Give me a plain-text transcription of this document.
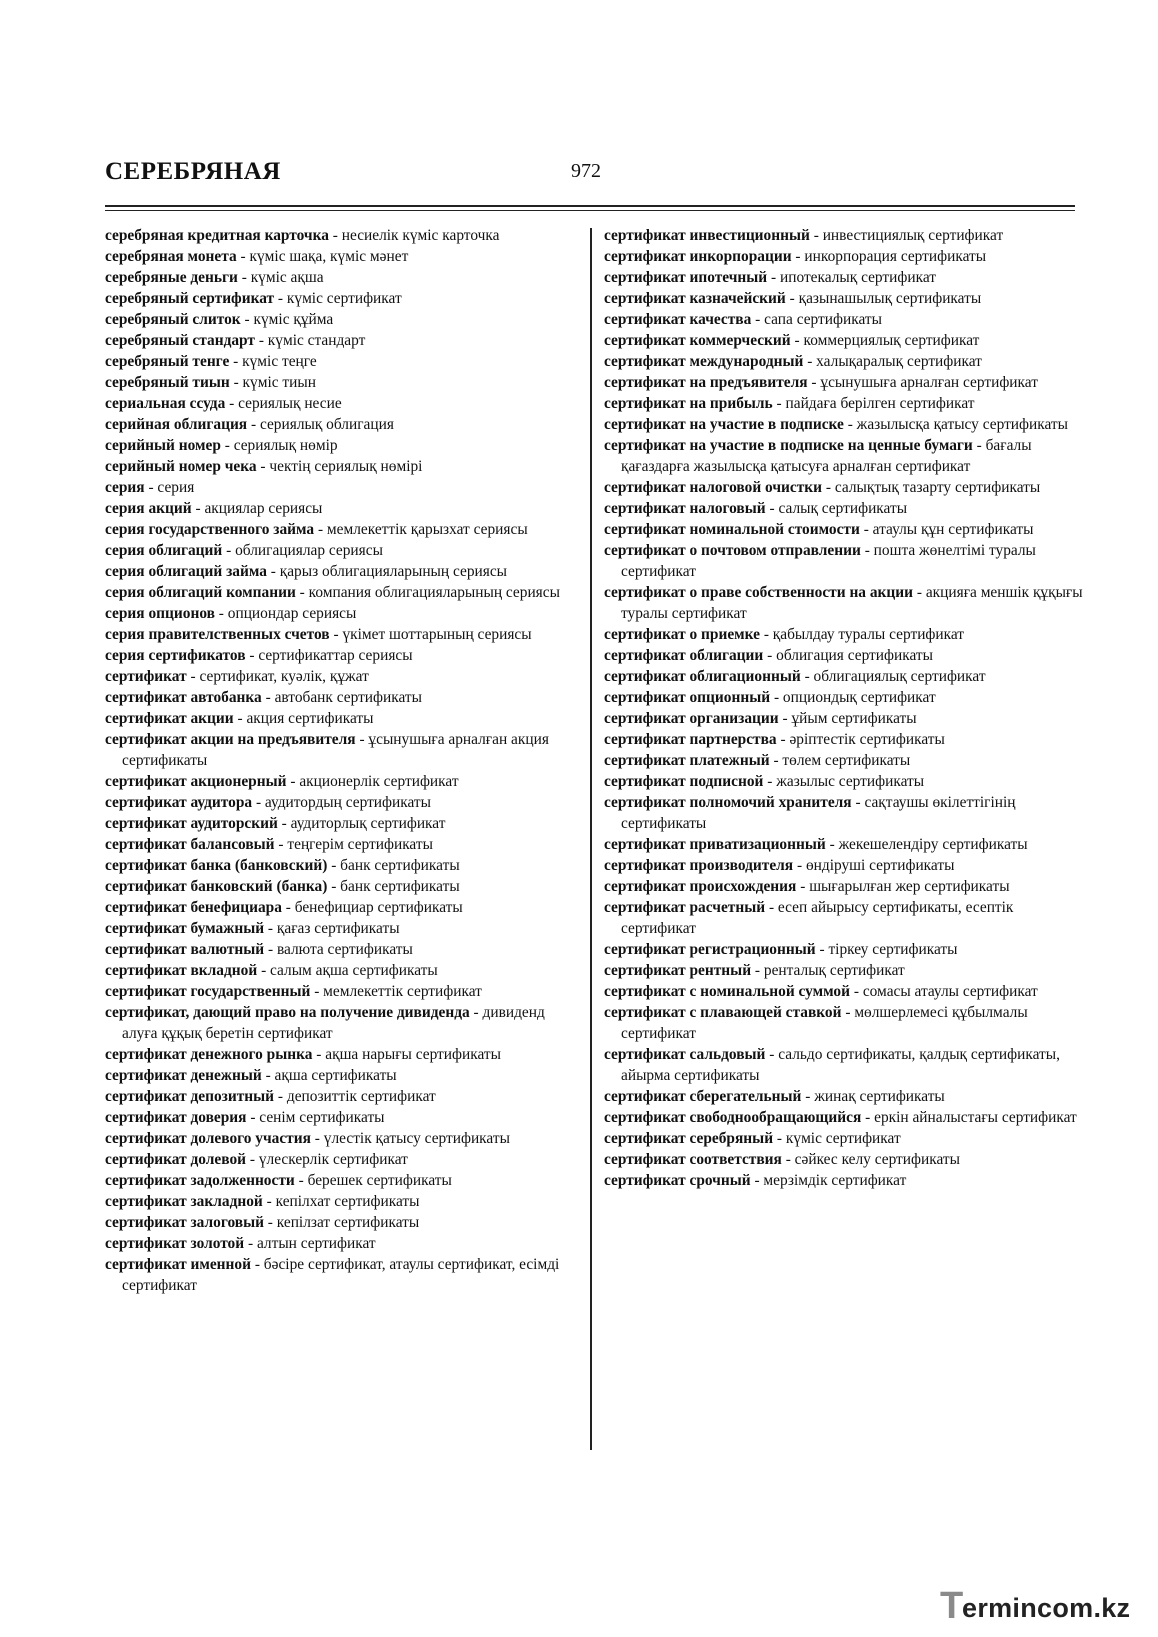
СЕРЕБРЯНАЯ	972
серебряная кредитная карточка - несиелік күміс карточка
серебряная монета - күміс шақа, күміс мәнет
серебряные деньги - күміс ақша
серебряный сертификат - күміс сертификат
серебряный слиток - күміс құйма
серебряный стандарт - күміс стандарт
серебряный тенге - күміс теңге
серебряный тиын - күміс тиын
сериальная ссуда - сериялық несие
серийная облигация - сериялық облигация
серийный номер - сериялық нөмір
серийный номер чека - чектің сериялық нөмірі
серия - серия
серия акций - акциялар сериясы
серия государственного займа - мемлекеттік қарызхат сериясы
серия облигаций - облигациялар сериясы
серия облигаций займа - қарыз облигацияларының сериясы
серия облигаций компании - компания облигацияларының сериясы
серия опционов - опциондар сериясы
серия правителственных счетов - үкімет шоттарының сериясы
серия сертификатов - сертификаттар сериясы
сертификат - сертификат, куәлік, құжат
сертификат автобанка - автобанк сертификаты
сертификат акции - акция сертификаты
сертификат акции на предъявителя - ұсынушыға арналған акция сертификаты
сертификат акционерный - акционерлік сертификат
сертификат аудитора - аудитордың сертификаты
сертификат аудиторский - аудиторлық сертификат
сертификат балансовый - теңгерім сертификаты
сертификат банка (банковский) - банк сертификаты
сертификат банковский (банка) - банк сертификаты
сертификат бенефициара - бенефициар сертификаты
сертификат бумажный - қағаз сертификаты
сертификат валютный - валюта сертификаты
сертификат вкладной - салым ақша сертификаты
сертификат государственный - мемлекеттік сертификат
сертификат, дающий право на получение дивиденда - дивиденд алуға құқық беретін сертификат
сертификат денежного рынка - ақша нарығы сертификаты
сертификат денежный - ақша сертификаты
сертификат депозитный - депозиттік сертификат
сертификат доверия - сенім сертификаты
сертификат долевого участия - үлестік қатысу сертификаты
сертификат долевой - үлескерлік сертификат
сертификат задолженности - берешек сертификаты
сертификат закладной - кепілхат сертификаты
сертификат залоговый - кепілзат сертификаты
сертификат золотой - алтын сертификат
сертификат именной - бәсіре сертификат, атаулы сертификат, есімді сертификат
сертификат инвестиционный - инвестициялық сертификат
сертификат инкорпорации - инкорпорация сертификаты
сертификат ипотечный - ипотекалық сертификат
сертификат казначейский - қазынашылық сертификаты
сертификат качества - сапа сертификаты
сертификат коммерческий - коммерциялық сертификат
сертификат международный - халықаралық сертификат
сертификат на предъявителя - ұсынушыға арналған сертификат
сертификат на прибыль - пайдаға берілген сертификат
сертификат на участие в подписке - жазылысқа қатысу сертификаты
сертификат на участие в подписке на ценные бумаги - бағалы қағаздарға жазылысқа қатысуға арналған сертификат
сертификат налоговой очистки - салықтық тазарту сертификаты
сертификат налоговый - салық сертификаты
сертификат номинальной стоимости - атаулы құн сертификаты
сертификат о почтовом отправлении - пошта жөнелтімі туралы сертификат
сертификат о праве собственности на акции - акцияға меншік құқығы туралы сертификат
сертификат о приемке - қабылдау туралы сертификат
сертификат облигации - облигация сертификаты
сертификат облигационный - облигациялық сертификат
сертификат опционный - опциондық сертификат
сертификат организации - ұйым сертификаты
сертификат партнерства - әріптестік сертификаты
сертификат платежный - төлем сертификаты
сертификат подписной - жазылыс сертификаты
сертификат полномочий хранителя - сақтаушы өкілеттігінің сертификаты
сертификат приватизационный - жекешелендіру сертификаты
сертификат производителя - өндіруші сертификаты
сертификат происхождения - шығарылған жер сертификаты
сертификат расчетный - есеп айырысу сертификаты, есептік сертификат
сертификат регистрационный - тіркеу сертификаты
сертификат рентный - ренталық сертификат
сертификат с номинальной суммой - сомасы атаулы сертификат
сертификат с плавающей ставкой - мөлшерлемесі құбылмалы сертификат
сертификат сальдовый - сальдо сертификаты, қалдық сертификаты, айырма сертификаты
сертификат сберегательный - жинақ сертификаты
сертификат свободнообращающийся - еркін айналыстағы сертификат
сертификат серебряный - күміс сертификат
сертификат соответствия - сәйкес келу сертификаты
сертификат срочный - мерзімдік сертификат
T
ermincom.kz
